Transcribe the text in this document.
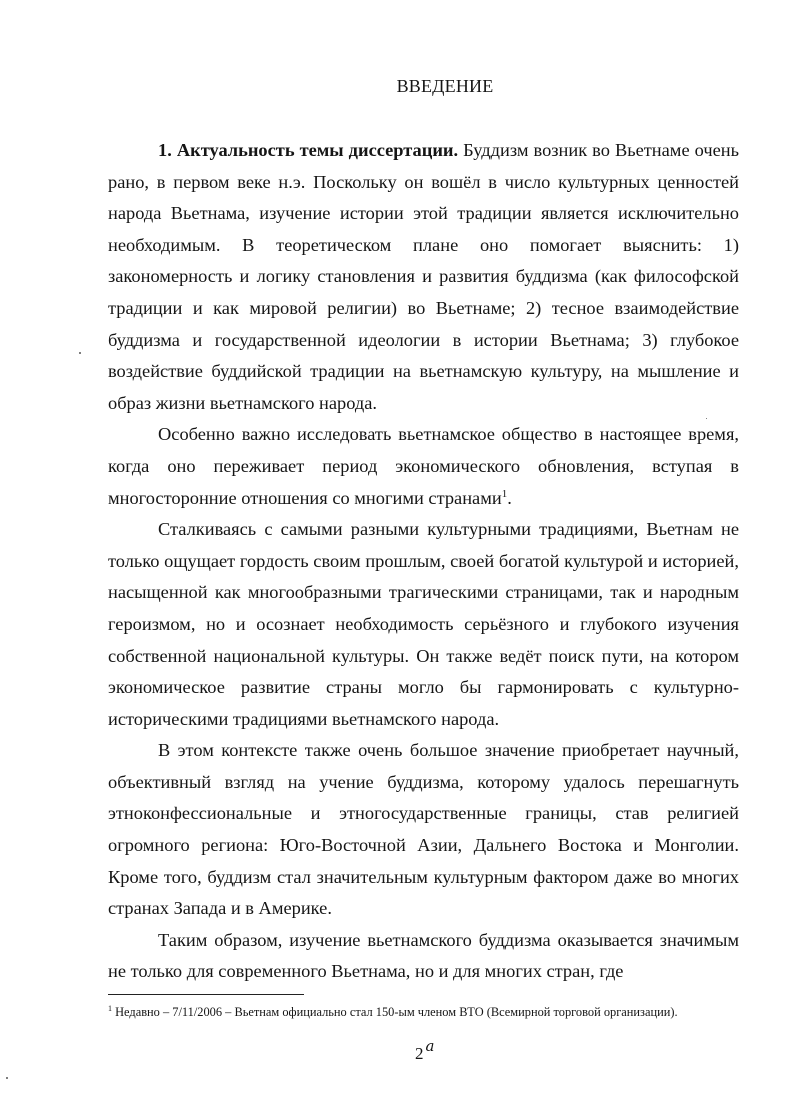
ВВЕДЕНИЕ

1. Актуальность темы диссертации. Буддизм возник во Вьетнаме очень рано, в первом веке н.э. Поскольку он вошёл в число культурных ценностей народа Вьетнама, изучение истории этой традиции является исключительно необходимым. В теоретическом плане оно помогает выяснить: 1) закономерность и логику становления и развития буддизма (как философской традиции и как мировой религии) во Вьетнаме; 2) тесное взаимодействие буддизма и государственной идеологии в истории Вьетнама; 3) глубокое воздействие буддийской традиции на вьетнамскую культуру, на мышление и образ жизни вьетнамского народа.

Особенно важно исследовать вьетнамское общество в настоящее время, когда оно переживает период экономического обновления, вступая в многосторонние отношения со многими странами$^1$.

Сталкиваясь с самыми разными культурными традициями, Вьетнам не только ощущает гордость своим прошлым, своей богатой культурой и историей, насыщенной как многообразными трагическими страницами, так и народным героизмом, но и осознает необходимость серьёзного и глубокого изучения собственной национальной культуры. Он также ведёт поиск пути, на котором экономическое развитие страны могло бы гармонировать с культурно-историческими традициями вьетнамского народа.

В этом контексте также очень большое значение приобретает научный, объективный взгляд на учение буддизма, которому удалось перешагнуть этноконфессиональные и этногосударственные границы, став религией огромного региона: Юго-Восточной Азии, Дальнего Востока и Монголии. Кроме того, буддизм стал значительным культурным фактором даже во многих странах Запада и в Америке.

Таким образом, изучение вьетнамского буддизма оказывается значимым не только для современного Вьетнама, но и для многих стран, где

$^1$ Недавно – 7/11/2006 – Вьетнам официально стал 150-ым членом ВТО (Всемирной торговой организации).
2 a
